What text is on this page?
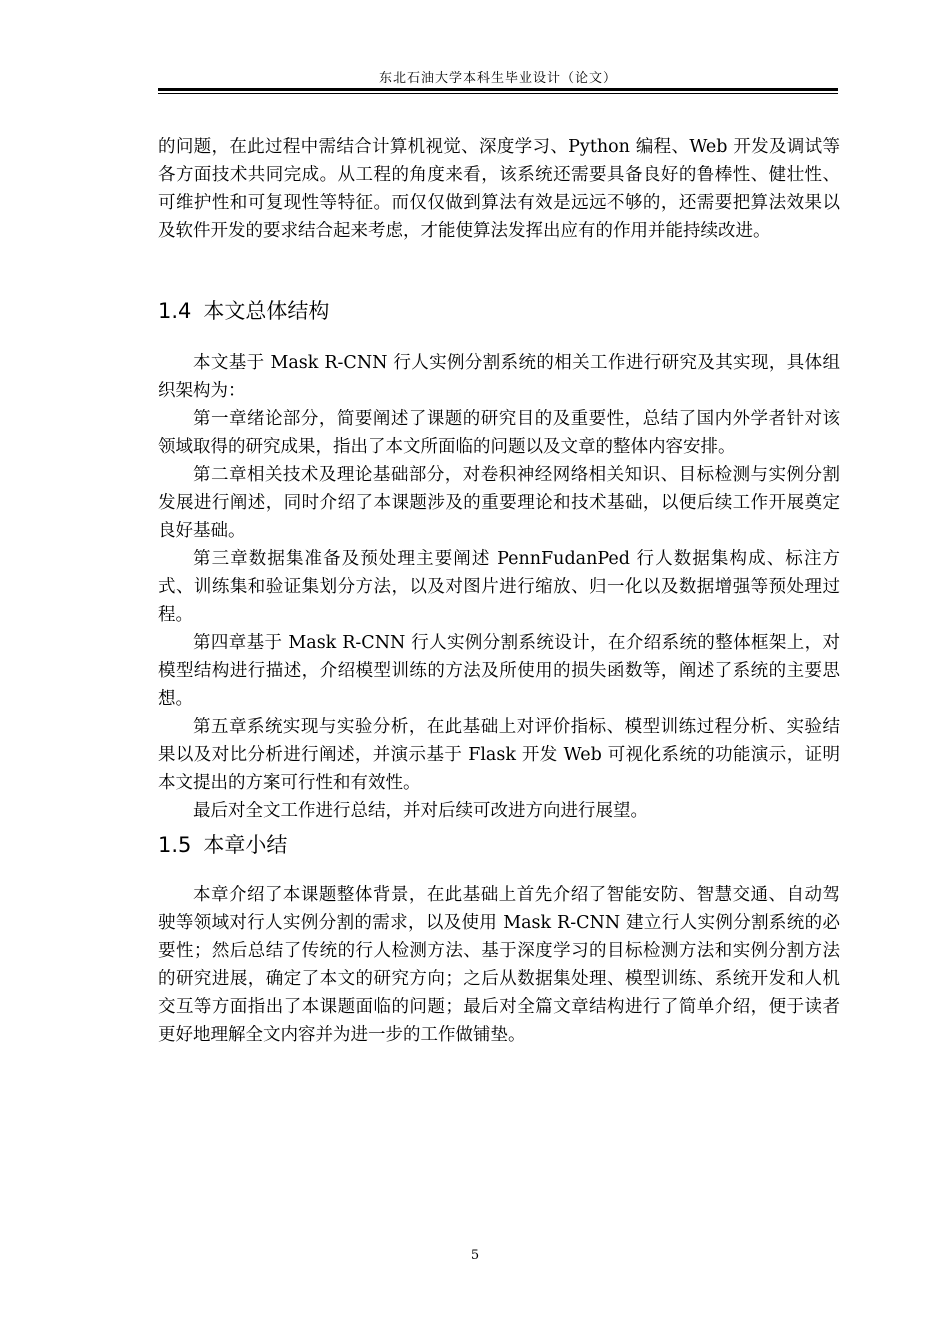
东北石油大学本科生毕业设计（论文）

的问题，在此过程中需结合计算机视觉、深度学习、Python 编程、Web 开发及调试等各方面技术共同完成。从工程的角度来看，该系统还需要具备良好的鲁棒性、健壮性、可维护性和可复现性等特征。而仅仅做到算法有效是远远不够的，还需要把算法效果以及软件开发的要求结合起来考虑，才能使算法发挥出应有的作用并能持续改进。

1.4 本文总体结构

本文基于 Mask R-CNN 行人实例分割系统的相关工作进行研究及其实现，具体组织架构为：

第一章绪论部分，简要阐述了课题的研究目的及重要性，总结了国内外学者针对该领域取得的研究成果，指出了本文所面临的问题以及文章的整体内容安排。

第二章相关技术及理论基础部分，对卷积神经网络相关知识、目标检测与实例分割发展进行阐述，同时介绍了本课题涉及的重要理论和技术基础，以便后续工作开展奠定良好基础。

第三章数据集准备及预处理主要阐述 PennFudanPed 行人数据集构成、标注方式、训练集和验证集划分方法，以及对图片进行缩放、归一化以及数据增强等预处理过程。

第四章基于 Mask R-CNN 行人实例分割系统设计，在介绍系统的整体框架上，对模型结构进行描述，介绍模型训练的方法及所使用的损失函数等，阐述了系统的主要思想。

第五章系统实现与实验分析，在此基础上对评价指标、模型训练过程分析、实验结果以及对比分析进行阐述，并演示基于 Flask 开发 Web 可视化系统的功能演示，证明本文提出的方案可行性和有效性。

最后对全文工作进行总结，并对后续可改进方向进行展望。

1.5 本章小结

本章介绍了本课题整体背景，在此基础上首先介绍了智能安防、智慧交通、自动驾驶等领域对行人实例分割的需求，以及使用 Mask R-CNN 建立行人实例分割系统的必要性；然后总结了传统的行人检测方法、基于深度学习的目标检测方法和实例分割方法的研究进展，确定了本文的研究方向；之后从数据集处理、模型训练、系统开发和人机交互等方面指出了本课题面临的问题；最后对全篇文章结构进行了简单介绍，便于读者更好地理解全文内容并为进一步的工作做铺垫。

5
